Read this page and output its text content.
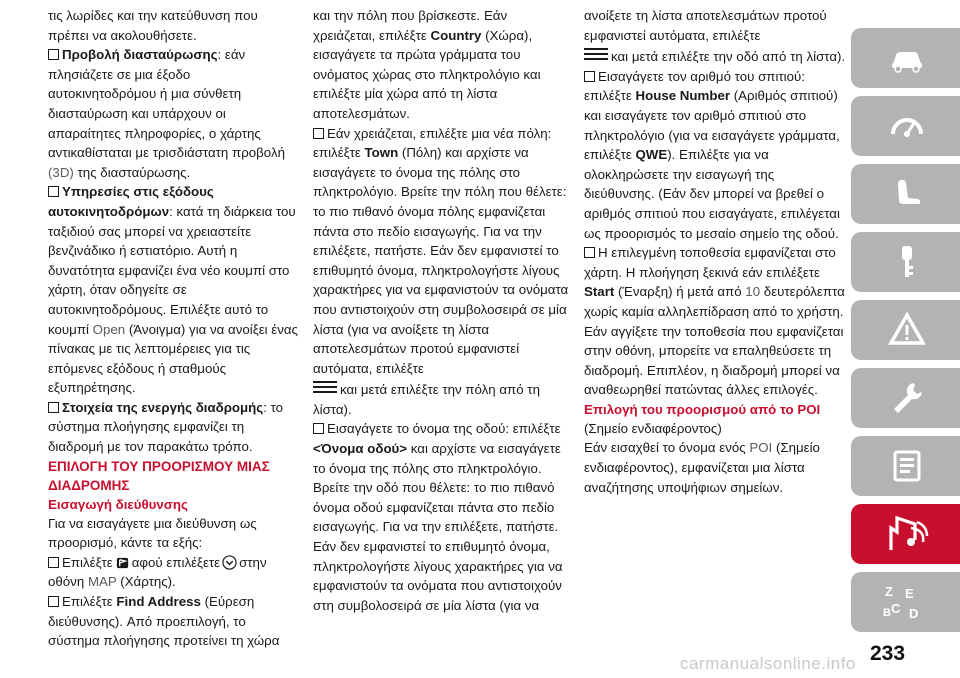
τις λωρίδες και την κατεύθυνση που πρέπει να ακολουθήσετε.

Προβολή διασταύρωσης: εάν πλησιάζετε σε μια έξοδο αυτοκινητοδρόμου ή μια σύνθετη διασταύρωση και υπάρχουν οι απαραίτητες πληροφορίες, ο χάρτης αντικαθίσταται με τρισδιάστατη προβολή (3D) της διασταύρωσης.

Υπηρεσίες στις εξόδους αυτοκινητοδρόμων: κατά τη διάρκεια του ταξιδιού σας μπορεί να χρειαστείτε βενζινάδικο ή εστιατόριο. Αυτή η δυνατότητα εμφανίζει ένα νέο κουμπί στο χάρτη, όταν οδηγείτε σε αυτοκινητοδρόμους. Επιλέξτε αυτό το κουμπί Open (Άνοιγμα) για να ανοίξει ένας πίνακας με τις λεπτομέρειες για τις επόμενες εξόδους ή σταθμούς εξυπηρέτησης.

Στοιχεία της ενεργής διαδρομής: το σύστημα πλοήγησης εμφανίζει τη διαδρομή με τον παρακάτω τρόπο.

ΕΠΙΛΟΓΗ ΤΟΥ ΠΡΟΟΡΙΣΜΟΥ ΜΙΑΣ ΔΙΑΔΡΟΜΗΣ

Εισαγωγή διεύθυνσης

Για να εισαγάγετε μια διεύθυνση ως προορισμό, κάντε τα εξής:

Επιλέξτε αφού επιλέξετε στην οθόνη MAP (Χάρτης).

Επιλέξτε Find Address (Εύρεση διεύθυνσης). Από προεπιλογή, το σύστημα πλοήγησης προτείνει τη χώρα

και την πόλη που βρίσκεστε. Εάν χρειάζεται, επιλέξτε Country (Χώρα), εισαγάγετε τα πρώτα γράμματα του ονόματος χώρας στο πληκτρολόγιο και επιλέξτε μία χώρα από τη λίστα αποτελεσμάτων.

Εάν χρειάζεται, επιλέξτε μια νέα πόλη: επιλέξτε Town (Πόλη) και αρχίστε να εισαγάγετε το όνομα της πόλης στο πληκτρολόγιο. Βρείτε την πόλη που θέλετε: το πιο πιθανό όνομα πόλης εμφανίζεται πάντα στο πεδίο εισαγωγής. Για να την επιλέξετε, πατήστε. Εάν δεν εμφανιστεί το επιθυμητό όνομα, πληκτρολογήστε λίγους χαρακτήρες για να εμφανιστούν τα ονόματα που αντιστοιχούν στη συμβολοσειρά σε μία λίστα (για να ανοίξετε τη λίστα αποτελεσμάτων προτού εμφανιστεί αυτόματα, επιλέξτε

και μετά επιλέξτε την πόλη από τη λίστα).

Εισαγάγετε το όνομα της οδού: επιλέξτε <Όνομα οδού> και αρχίστε να εισαγάγετε το όνομα της πόλης στο πληκτρολόγιο. Βρείτε την οδό που θέλετε: το πιο πιθανό όνομα οδού εμφανίζεται πάντα στο πεδίο εισαγωγής. Για να την επιλέξετε, πατήστε. Εάν δεν εμφανιστεί το επιθυμητό όνομα, πληκτρολογήστε λίγους χαρακτήρες για να εμφανιστούν τα ονόματα που αντιστοιχούν στη συμβολοσειρά σε μία λίστα (για να

ανοίξετε τη λίστα αποτελεσμάτων προτού εμφανιστεί αυτόματα, επιλέξτε

και μετά επιλέξτε την οδό από τη λίστα).

Εισαγάγετε τον αριθμό του σπιτιού: επιλέξτε House Number (Αριθμός σπιτιού) και εισαγάγετε τον αριθμό σπιτιού στο πληκτρολόγιο (για να εισαγάγετε γράμματα, επιλέξτε QWE). Επιλέξτε για να ολοκληρώσετε την εισαγωγή της διεύθυνσης. (Εάν δεν μπορεί να βρεθεί ο αριθμός σπιτιού που εισαγάγατε, επιλέγεται ως προορισμός το μεσαίο σημείο της οδού.

Η επιλεγμένη τοποθεσία εμφανίζεται στο χάρτη. Η πλοήγηση ξεκινά εάν επιλέξετε Start (Έναρξη) ή μετά από 10 δευτερόλεπτα χωρίς καμία αλληλεπίδραση από το χρήστη. Εάν αγγίξετε την τοποθεσία που εμφανίζεται στην οθόνη, μπορείτε να επαληθεύσετε τη διαδρομή. Επιπλέον, η διαδρομή μπορεί να αναθεωρηθεί πατώντας άλλες επιλογές.

Επιλογή του προορισμού από το POI

(Σημείο ενδιαφέροντος)

Εάν εισαχθεί το όνομα ενός POI (Σημείο ενδιαφέροντος), εμφανίζεται μια λίστα αναζήτησης υποψήφιων σημείων.

Z E
C D
B
carmanualsonline.info 233
